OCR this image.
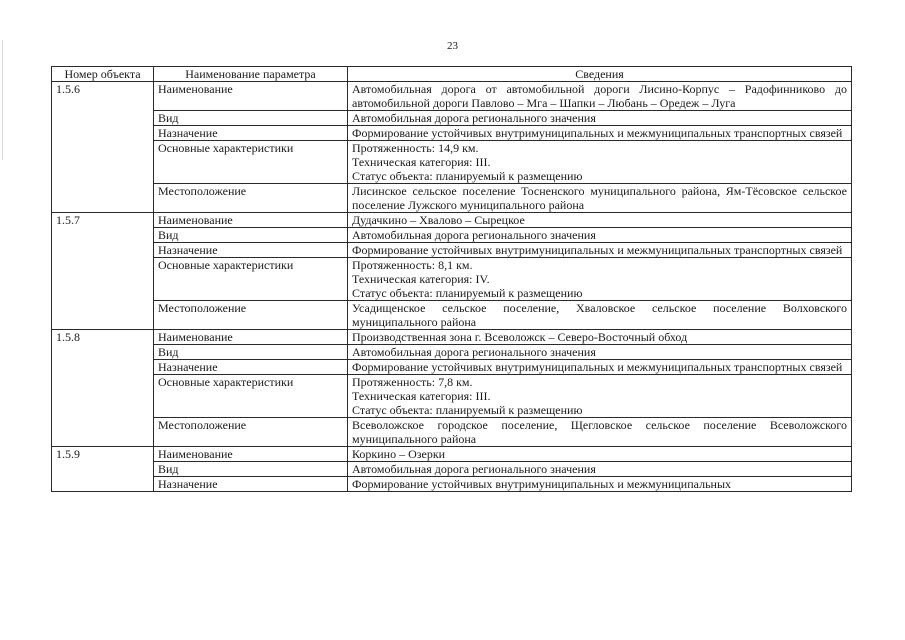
23
Номер объекта	Наименование параметра	Сведения
1.5.6	Наименование	Автомобильная дорога от автомобильной дороги Лисино-Корпус – Радофинниково до автомобильной дороги Павлово – Мга – Шапки – Любань – Оредеж – Луга

	Вид	Автомобильная дорога регионального значения

	Назначение	Формирование устойчивых внутримуниципальных и межмуниципальных транспортных связей

	Основные характеристики	Протяженность: 14,9 км.
Техническая категория: III.
Статус объекта: планируемый к размещению

	Местоположение	Лисинское сельское поселение Тосненского муниципального района, Ям-Тёсовское сельское поселение Лужского муниципального района

1.5.7	Наименование	Дудачкино – Хвалово – Сырецкое

	Вид	Автомобильная дорога регионального значения

	Назначение	Формирование устойчивых внутримуниципальных и межмуниципальных транспортных связей

	Основные характеристики	Протяженность: 8,1 км.
Техническая категория: IV.
Статус объекта: планируемый к размещению

	Местоположение	Усадищенское сельское поселение, Хваловское сельское поселение Волховского муниципального района

1.5.8	Наименование	Производственная зона г. Всеволожск – Северо-Восточный обход

	Вид	Автомобильная дорога регионального значения

	Назначение	Формирование устойчивых внутримуниципальных и межмуниципальных транспортных связей

	Основные характеристики	Протяженность: 7,8 км.
Техническая категория: III.
Статус объекта: планируемый к размещению

	Местоположение	Всеволожское городское поселение, Щегловское сельское поселение Всеволожского муниципального района

1.5.9	Наименование	Коркино – Озерки

	Вид	Автомобильная дорога регионального значения

	Назначение	Формирование устойчивых внутримуниципальных и межмуниципальных
